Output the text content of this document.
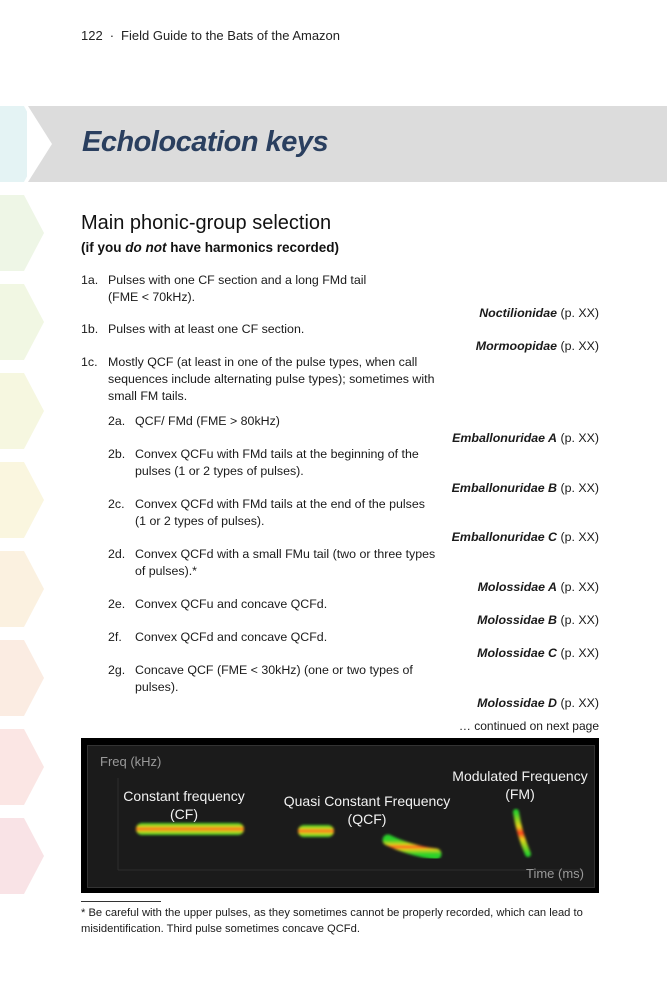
122 · Field Guide to the Bats of the Amazon
Echolocation keys
Main phonic-group selection
(if you do not have harmonics recorded)
1a. Pulses with one CF section and a long FMd tail
(FME < 70kHz).
Noctilionidae (p. XX)
1b. Pulses with at least one CF section.
Mormoopidae (p. XX)
1c. Mostly QCF (at least in one of the pulse types, when call
sequences include alternating pulse types); sometimes with
small FM tails.
2a. QCF/ FMd (FME > 80kHz)
Emballonuridae A (p. XX)
2b. Convex QCFu with FMd tails at the beginning of the
pulses (1 or 2 types of pulses).
Emballonuridae B (p. XX)
2c. Convex QCFd with FMd tails at the end of the pulses
(1 or 2 types of pulses).
Emballonuridae C (p. XX)
2d. Convex QCFd with a small FMu tail (two or three types
of pulses).*
Molossidae A (p. XX)
2e. Convex QCFu and concave QCFd.
Molossidae B (p. XX)
2f. Convex QCFd and concave QCFd.
Molossidae C (p. XX)
2g. Concave QCF (FME < 30kHz) (one or two types of
pulses).
Molossidae D (p. XX)
… continued on next page
Freq (kHz)
Time (ms)
Constant frequency
(CF)
Quasi Constant Frequency
(QCF)
Modulated Frequency
(FM)
* Be careful with the upper pulses, as they sometimes cannot be properly recorded, which can lead to misidentification. Third pulse sometimes concave QCFd.
